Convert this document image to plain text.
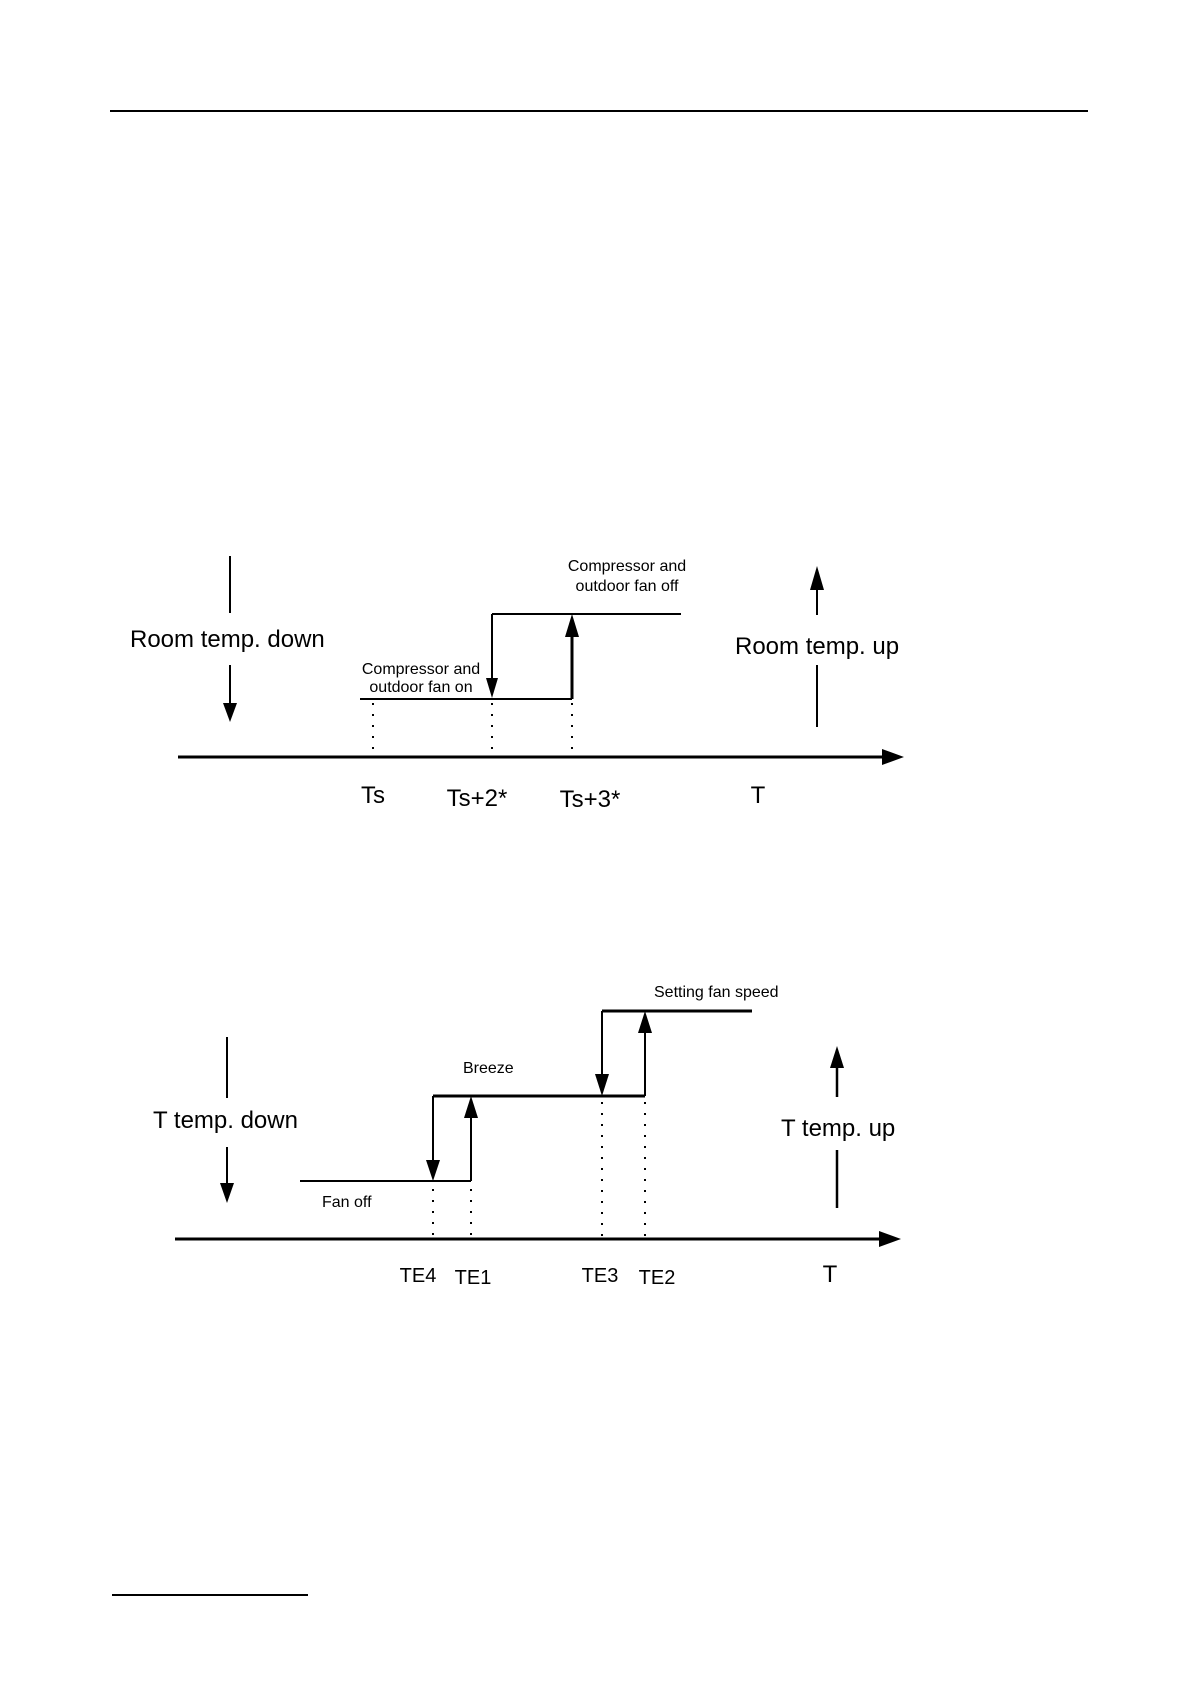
Room temp. down	Room temp. up
Compressor and
outdoor fan on
Compressor and
outdoor fan off
Ts	Ts+2* Ts+3*	T
T temp. down	T temp. up
Fan off
Breeze
Setting fan speed
TE4 TE1	TE3 TE2	T
